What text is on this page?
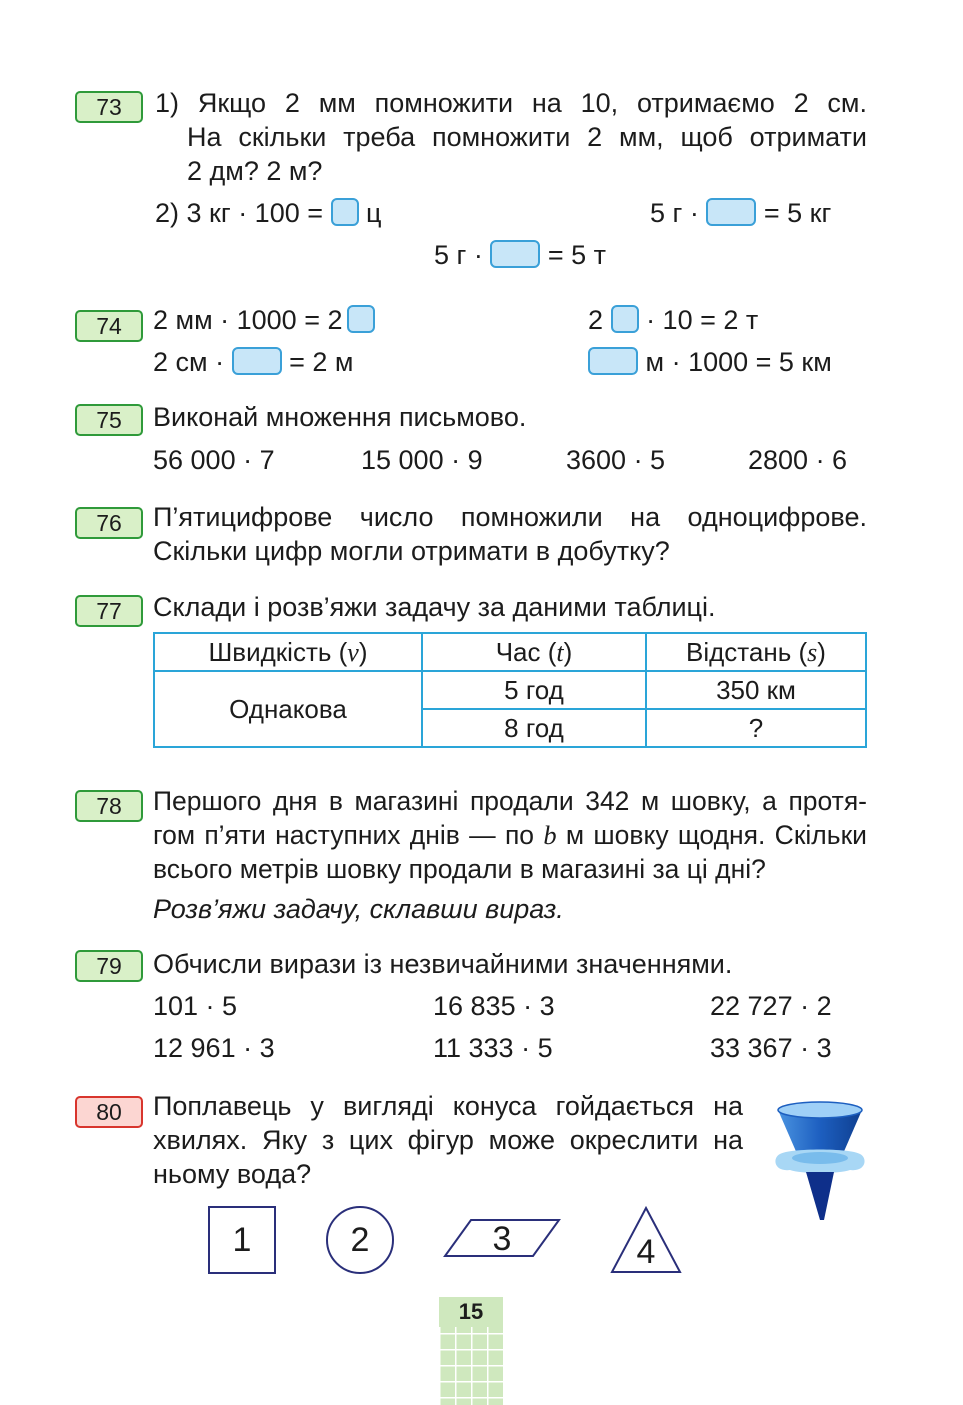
73	1) Якщо 2 мм помножити на 10, отримаємо 2 см.
На скільки треба помножити 2 мм, щоб отримати
2 дм? 2 м?
2) 3 кг · 100 = ц	5 г · = 5 кг
5 г · = 5 т
74	2 мм · 1000 = 2	2 · 10 = 2 т
2 см · = 2 м	м · 1000 = 5 км
75	Виконай множення письмово.
56 000 · 7	15 000 · 9	3600 · 5	2800 · 6
76	П’ятицифрове число помножили на одноцифрове.
Скільки цифр могли отримати в добутку?
77	Склади і розв’яжи задачу за даними таблиці.
Швидкість (v)	Час (t)	Відстань (s)
Однакова	5 год	350 км
	8 год	?
78	Першого дня в магазині продали 342 м шовку, а протя-
гом п’яти наступних днів — по b м шовку щодня. Скільки
всього метрів шовку продали в магазині за ці дні?
Розв’яжи задачу, склавши вираз.
79	Обчисли вирази із незвичайними значеннями.
101 · 5	16 835 · 3	22 727 · 2
12 961 · 3	11 333 · 5	33 367 · 3
80	Поплавець у вигляді конуса гойдається на
хвилях. Яку з цих фігур може окреслити на
ньому вода?
1	2	3	4
15
